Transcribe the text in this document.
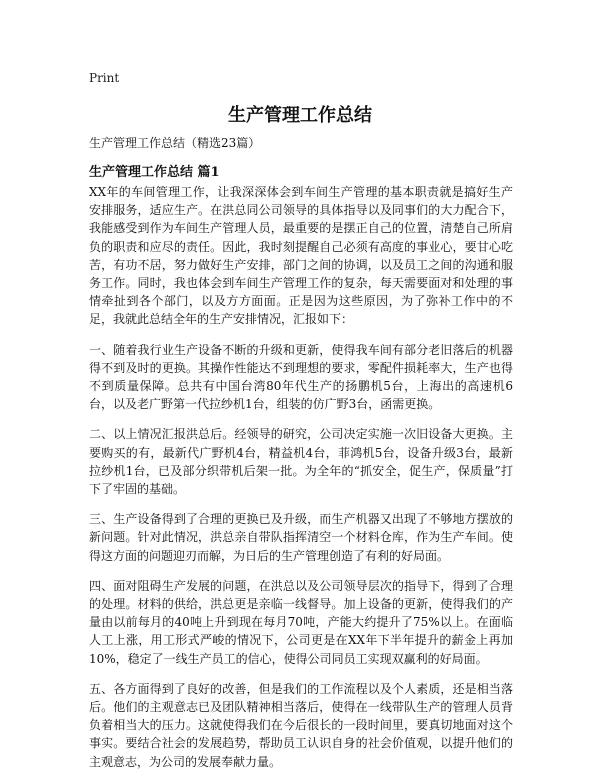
Print
生产管理工作总结

生产管理工作总结（精选23篇）

生产管理工作总结 篇1

XX年的车间管理工作，让我深深体会到车间生产管理的基本职责就是搞好生产安排服务，适应生产。在洪总同公司领导的具体指导以及同事们的大力配合下，我能感受到作为车间生产管理人员，最重要的是摆正自己的位置，清楚自己所肩负的职责和应尽的责任。因此，我时刻提醒自己必须有高度的事业心，要甘心吃苦，有功不居，努力做好生产安排，部门之间的协调，以及员工之间的沟通和服务工作。同时，我也体会到车间生产管理工作的复杂，每天需要面对和处理的事情牵扯到各个部门，以及方方面面。正是因为这些原因，为了弥补工作中的不足，我就此总结全年的生产安排情况，汇报如下：

一、随着我行业生产设备不断的升级和更新，使得我车间有部分老旧落后的机器得不到及时的更换。其操作性能达不到理想的要求，零配件损耗率大，生产也得不到质量保障。总共有中国台湾80年代生产的扬鹏机5台，上海出的高速机6台，以及老广野第一代拉纱机1台，组装的仿广野3台，函需更换。

二、以上情况汇报洪总后。经领导的研究，公司决定实施一次旧设备大更换。主要购买的有，最新代广野机4台，精益机4台，菲鸿机5台，设备升级3台，最新拉纱机1台，已及部分织带机后架一批。为全年的“抓安全，促生产，保质量”打下了牢固的基础。

三、生产设备得到了合理的更换已及升级，而生产机器又出现了不够地方摆放的新问题。针对此情况，洪总亲自带队指挥清空一个材料仓库，作为生产车间。使得这方面的问题迎刃而解，为日后的生产管理创造了有利的好局面。

四、面对阻碍生产发展的问题，在洪总以及公司领导层次的指导下，得到了合理的处理。材料的供给，洪总更是亲临一线督导。加上设备的更新，使得我们的产量由以前每月的40吨上升到现在每月70吨，产能大约提升了75%以上。在面临人工上涨，用工形式严峻的情况下，公司更是在XX年下半年提升的薪金上再加10%，稳定了一线生产员工的信心，使得公司同员工实现双赢利的好局面。

五、各方面得到了良好的改善，但是我们的工作流程以及个人素质，还是相当落后。他们的主观意志已及团队精神相当落后，使得在一线带队生产的管理人员背负着相当大的压力。这就使得我们在今后很长的一段时间里，要真切地面对这个事实。要结合社会的发展趋势，帮助员工认识自身的社会价值观，以提升他们的主观意志，为公司的发展奉献力量。
